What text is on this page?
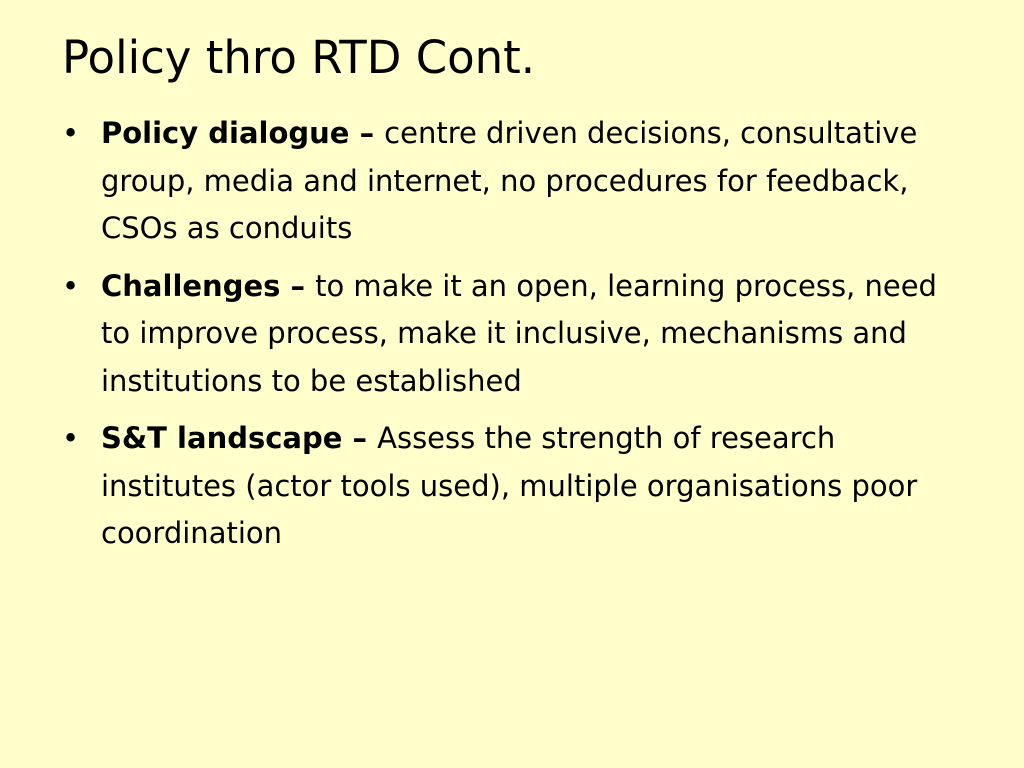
Policy thro RTD Cont.
• Policy dialogue – centre driven decisions, consultative group, media and internet, no procedures for feedback, CSOs as conduits
• Challenges – to make it an open, learning process, need to improve process, make it inclusive, mechanisms and institutions to be established
• S&T landscape – Assess the strength of research institutes (actor tools used), multiple organisations poor coordination
